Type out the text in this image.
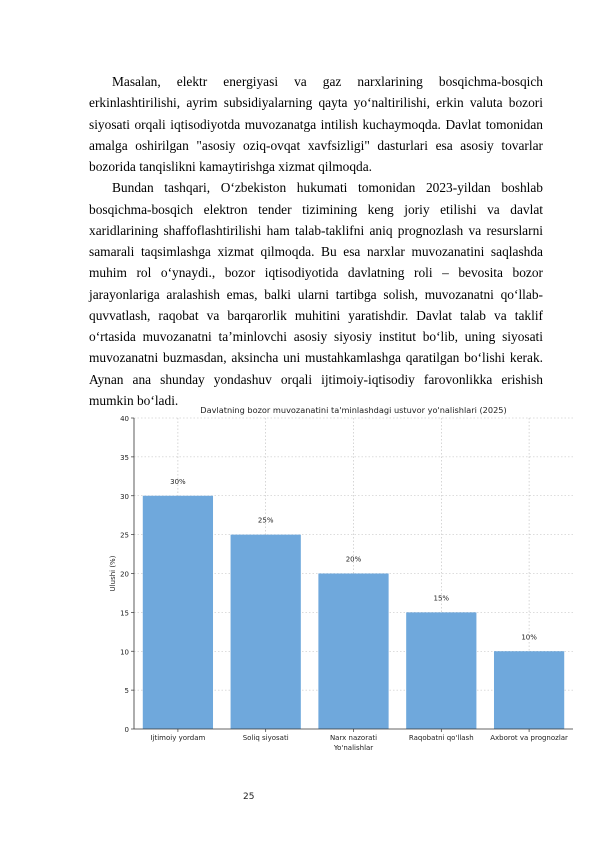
Masalan, elektr energiyasi va gaz narxlarining bosqichma-bosqich erkinlashtirilishi, ayrim subsidiyalarning qayta yo‘naltirilishi, erkin valuta bozori siyosati orqali iqtisodiyotda muvozanatga intilish kuchaymoqda. Davlat tomonidan amalga oshirilgan "asosiy oziq-ovqat xavfsizligi" dasturlari esa asosiy tovarlar bozorida tanqislikni kamaytirishga xizmat qilmoqda.

Bundan tashqari, O‘zbekiston hukumati tomonidan 2023-yildan boshlab bosqichma-bosqich elektron tender tizimining keng joriy etilishi va davlat xaridlarining shaffoflashtirilishi ham talab-taklifni aniq prognozlash va resurslarni samarali taqsimlashga xizmat qilmoqda. Bu esa narxlar muvozanatini saqlashda muhim rol o‘ynaydi., bozor iqtisodiyotida davlatning roli – bevosita bozor jarayonlariga aralashish emas, balki ularni tartibga solish, muvozanatni qo‘llab-quvvatlash, raqobat va barqarorlik muhitini yaratishdir. Davlat talab va taklif o‘rtasida muvozanatni ta’minlovchi asosiy siyosiy institut bo‘lib, uning siyosati muvozanatni buzmasdan, aksincha uni mustahkamlashga qaratilgan bo‘lishi kerak. Aynan ana shunday yondashuv orqali ijtimoiy-iqtisodiy farovonlikka erishish mumkin bo‘ladi.

0
5
10
15
20
25
30
35
40
30%
Ijtimoiy yordam
25%
Soliq siyosati
20%
Narx nazorati
15%
Raqobatni qo'llash
10%
Axborot va prognozlar
Davlatning bozor muvozanatini ta'minlashdagi ustuvor yo'nalishlari (2025)
Yo'nalishlar
Ulushi (%)
25
